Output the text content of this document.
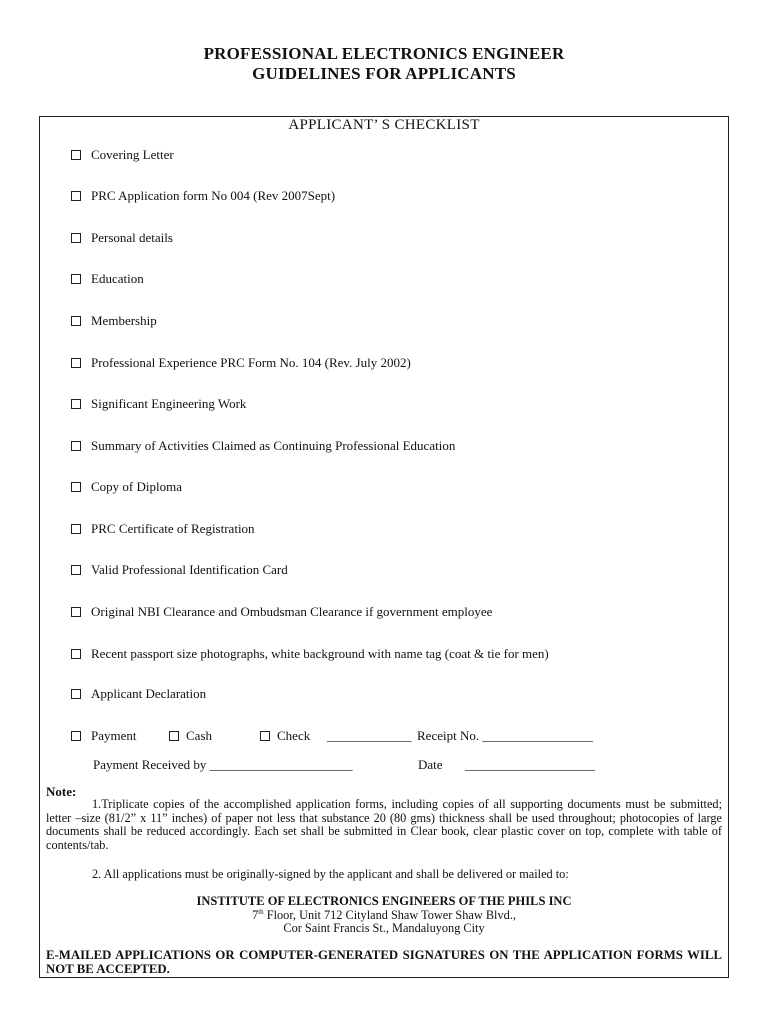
PROFESSIONAL ELECTRONICS ENGINEER
GUIDELINES FOR APPLICANTS
APPLICANT’ S CHECKLIST
Covering Letter
PRC Application form No 004 (Rev 2007Sept)
Personal details
Education
Membership
Professional Experience PRC Form No. 104 (Rev. July 2002)
Significant Engineering Work
Summary of Activities Claimed as Continuing Professional Education
Copy of Diploma
PRC Certificate of Registration
Valid Professional Identification Card
Original NBI Clearance and Ombudsman Clearance if government employee
Recent passport size photographs, white background with name tag (coat & tie for men)
Applicant Declaration
Payment	Cash	Check _____________ Receipt No. _________________
Payment Received by ______________________	Date ____________________
Note:
1.Triplicate copies of the accomplished application forms, including copies of all supporting documents must be submitted; letter –size (81/2” x 11” inches) of paper not less that substance 20 (80 gms) thickness shall be used throughout; photocopies of large documents shall be reduced accordingly. Each set shall be submitted in Clear book, clear plastic cover on top, complete with table of contents/tab.
2. All applications must be originally-signed by the applicant and shall be delivered or mailed to:
INSTITUTE OF ELECTRONICS ENGINEERS OF THE PHILS INC
7th Floor, Unit 712 Cityland Shaw Tower Shaw Blvd.,
Cor Saint Francis St., Mandaluyong City
E-MAILED APPLICATIONS OR COMPUTER-GENERATED SIGNATURES ON THE APPLICATION FORMS WILL NOT BE ACCEPTED.
